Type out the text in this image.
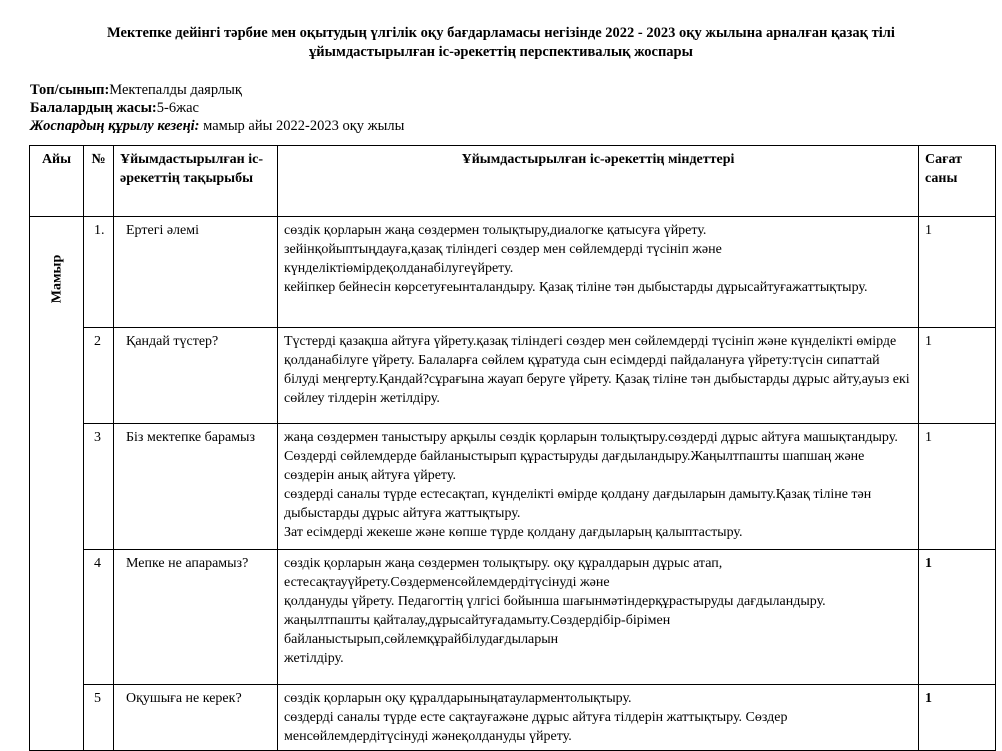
Мектепке дейінгі тәрбие мен оқытудың үлгілік оқу бағдарламасы негізінде 2022 - 2023 оқу жылына арналған қазақ тілі
ұйымдастырылған іс-әрекеттің перспективалық жоспары
Топ/сынып:Мектепалды даярлық
Балалардың жасы:5-6жас
Жоспардың құрылу кезеңі: мамыр айы 2022-2023 оқу жылы
Айы	№	Ұйымдастырылған іс-әрекеттің тақырыбы	Ұйымдастырылған іс-әрекеттің міндеттері	Сағат саны

Мамыр	1.	Ертегі әлемі	сөздік қорларын жаңа сөздермен толықтыру,диалогке қатысуға үйрету.

зейінқойыптыңдауға,қазақ тіліндегі сөздер мен сөйлемдерді түсініп және күнделіктіөмірдеқолданабілугеүйрету.

кейіпкер бейнесін көрсетуғеынталандыру. Қазақ тіліне тән дыбыстарды дұрысайтуғажаттықтыру.	1
	2	Қандай түстер?	Түстерді қазақша айтуға үйрету.қазақ тіліндегі сөздер мен сөйлемдерді түсініп және күнделікті өмірде қолданабілуге үйрету. Балаларға сөйлем құратуда сын есімдерді пайдалануға үйрету:түсін сипаттай білуді меңгерту.Қандай?сұрағына жауап беруге үйрету. Қазақ тіліне тән дыбыстарды дұрыс айту,ауыз екі сөйлеу тілдерін жетілдіру.	1
	3	Біз мектепке барамыз	жаңа сөздермен таныстыру арқылы сөздік қорларын толықтыру.сөздерді дұрыс айтуға машықтандыру. Сөздерді сөйлемдерде байланыстырып құрастыруды дағдыландыру.Жаңылтпашты шапшаң және сөздерін анық айтуға үйрету.

сөздерді саналы түрде естесақтап, күнделікті өмірде қолдану дағдыларын дамыту.Қазақ тіліне тән дыбыстарды дұрыс айтуға жаттықтыру.

Зат есімдерді жекеше және көпше түрде қолдану дағдыларың қалыптастыру.	1
	4	Мепке не апарамыз?	сөздік қорларын жаңа сөздермен толықтыру. оқу құралдарын дұрыс атап, естесақтауүйрету.Сөздерменсөйлемдердітүсінуді және

қолдануды үйрету. Педагогтің үлгісі бойынша шағынмәтіндерқұрастыруды дағдыландыру.

жаңылтпашты қайталау,дұрысайтуғадамыту.Сөздердібір-бірімен байланыстырып,сөйлемқұрайбілудағдыларын

жетілдіру.	1
	5	Оқушыға не керек?	сөздік қорларын оқу құралдарыныңатауларментолықтыру.

сөздерді саналы түрде есте сақтауғажәне дұрыс айтуға тілдерін жаттықтыру. Сөздер менсөйлемдердітүсінуді жәнеқолдануды үйрету.	1
